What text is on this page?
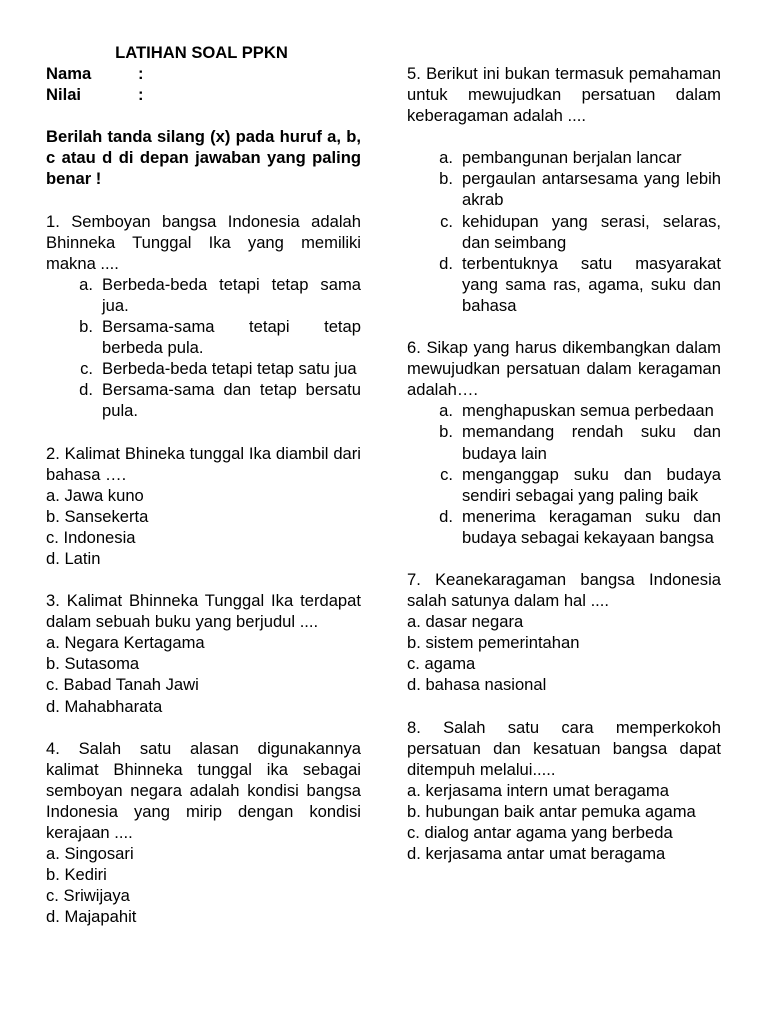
LATIHAN SOAL PPKN
Nama	:
Nilai	:
Berilah tanda silang (x) pada huruf a, b, c atau d di depan jawaban yang paling benar !
1. Semboyan bangsa Indonesia adalah Bhinneka Tunggal Ika yang memiliki makna ....
a. Berbeda-beda tetapi tetap sama jua.
b. Bersama-sama tetapi tetap berbeda pula.
c. Berbeda-beda tetapi tetap satu jua
d. Bersama-sama dan tetap bersatu pula.
2. Kalimat Bhineka tunggal Ika diambil dari bahasa ….
a. Jawa kuno
b. Sansekerta
c. Indonesia
d. Latin
3. Kalimat Bhinneka Tunggal Ika terdapat dalam sebuah buku yang berjudul ....
a. Negara Kertagama
b. Sutasoma
c. Babad Tanah Jawi
d. Mahabharata
4. Salah satu alasan digunakannya kalimat Bhinneka tunggal ika sebagai semboyan negara adalah kondisi bangsa Indonesia yang mirip dengan kondisi kerajaan ....
a. Singosari
b. Kediri
c. Sriwijaya
d. Majapahit
5. Berikut ini bukan termasuk pemahaman untuk mewujudkan persatuan dalam keberagaman adalah ....
a. pembangunan berjalan lancar
b. pergaulan antarsesama yang lebih akrab
c. kehidupan yang serasi, selaras, dan seimbang
d. terbentuknya satu masyarakat yang sama ras, agama, suku dan bahasa
6. Sikap yang harus dikembangkan dalam mewujudkan persatuan dalam keragaman adalah….
a. menghapuskan semua perbedaan
b. memandang rendah suku dan budaya lain
c. menganggap suku dan budaya sendiri sebagai yang paling baik
d. menerima keragaman suku dan budaya sebagai kekayaan bangsa
7. Keanekaragaman bangsa Indonesia salah satunya dalam hal ....
a. dasar negara
b. sistem pemerintahan
c. agama
d. bahasa nasional
8. Salah satu cara memperkokoh persatuan dan kesatuan bangsa dapat ditempuh melalui.....
a. kerjasama intern umat beragama
b. hubungan baik antar pemuka agama
c. dialog antar agama yang berbeda
d. kerjasama antar umat beragama
